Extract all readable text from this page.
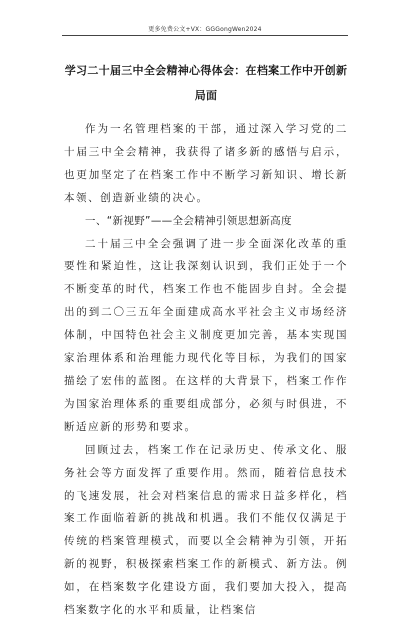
更多免费公文+VX：GGGongWen2024
学习二十届三中全会精神心得体会：在档案工作中开创新局面

作为一名管理档案的干部，通过深入学习党的二十届三中全会精神，我获得了诸多新的感悟与启示，也更加坚定了在档案工作中不断学习新知识、增长新本领、创造新业绩的决心。

一、“新视野”——全会精神引领思想新高度

二十届三中全会强调了进一步全面深化改革的重要性和紧迫性，这让我深刻认识到，我们正处于一个不断变革的时代，档案工作也不能固步自封。全会提出的到二〇三五年全面建成高水平社会主义市场经济体制，中国特色社会主义制度更加完善，基本实现国家治理体系和治理能力现代化等目标，为我们的国家描绘了宏伟的蓝图。在这样的大背景下，档案工作作为国家治理体系的重要组成部分，必须与时俱进，不断适应新的形势和要求。

回顾过去，档案工作在记录历史、传承文化、服务社会等方面发挥了重要作用。然而，随着信息技术的飞速发展，社会对档案信息的需求日益多样化，档案工作面临着新的挑战和机遇。我们不能仅仅满足于传统的档案管理模式，而要以全会精神为引领，开拓新的视野，积极探索档案工作的新模式、新方法。例如，在档案数字化建设方面，我们要加大投入，提高档案数字化的水平和质量，让档案信
